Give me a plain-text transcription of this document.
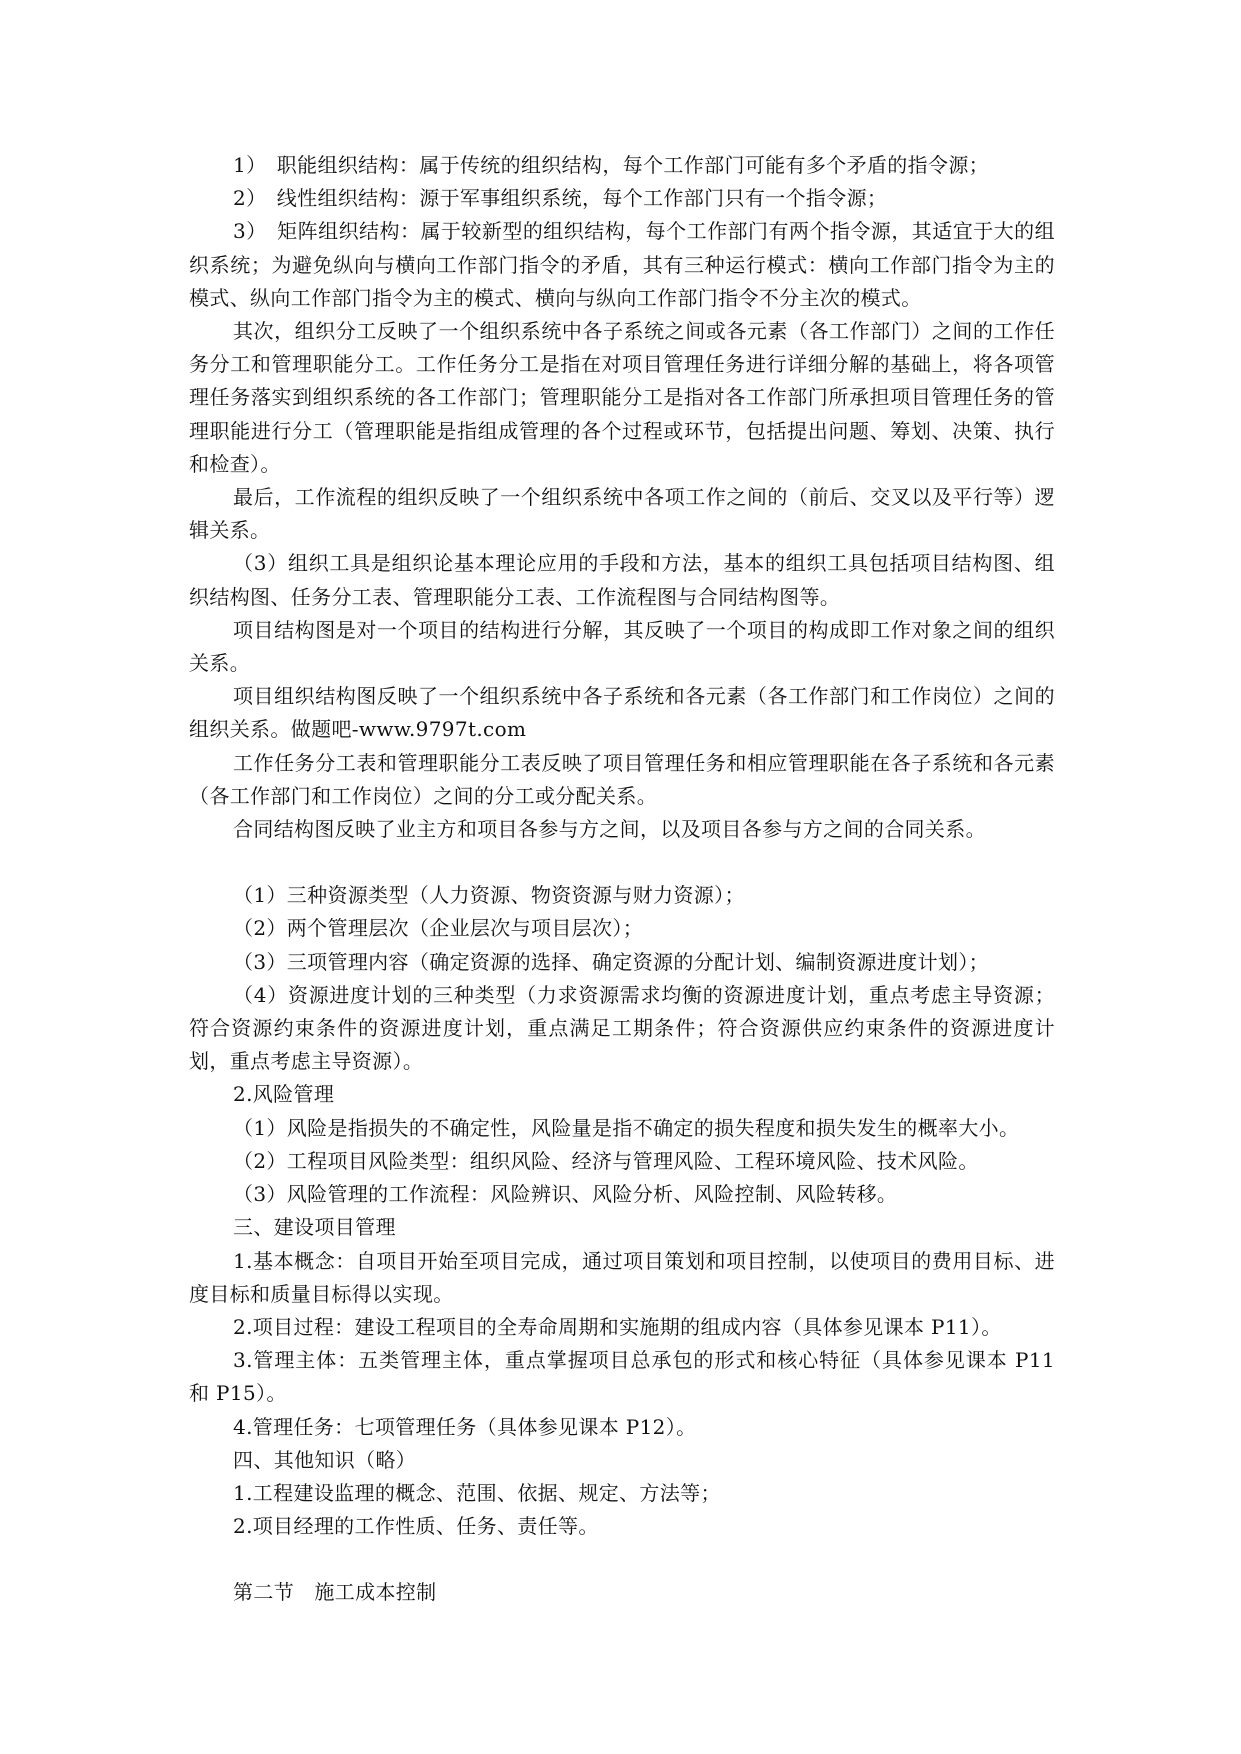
1）　职能组织结构：属于传统的组织结构，每个工作部门可能有多个矛盾的指令源；

2）　线性组织结构：源于军事组织系统，每个工作部门只有一个指令源；

3）　矩阵组织结构：属于较新型的组织结构，每个工作部门有两个指令源，其适宜于大的组织系统；为避免纵向与横向工作部门指令的矛盾，其有三种运行模式：横向工作部门指令为主的模式、纵向工作部门指令为主的模式、横向与纵向工作部门指令不分主次的模式。

其次，组织分工反映了一个组织系统中各子系统之间或各元素（各工作部门）之间的工作任务分工和管理职能分工。工作任务分工是指在对项目管理任务进行详细分解的基础上，将各项管理任务落实到组织系统的各工作部门；管理职能分工是指对各工作部门所承担项目管理任务的管理职能进行分工（管理职能是指组成管理的各个过程或环节，包括提出问题、筹划、决策、执行和检查）。

最后，工作流程的组织反映了一个组织系统中各项工作之间的（前后、交叉以及平行等）逻辑关系。

（3）组织工具是组织论基本理论应用的手段和方法，基本的组织工具包括项目结构图、组织结构图、任务分工表、管理职能分工表、工作流程图与合同结构图等。

项目结构图是对一个项目的结构进行分解，其反映了一个项目的构成即工作对象之间的组织关系。

项目组织结构图反映了一个组织系统中各子系统和各元素（各工作部门和工作岗位）之间的组织关系。做题吧-www.9797t.com

工作任务分工表和管理职能分工表反映了项目管理任务和相应管理职能在各子系统和各元素（各工作部门和工作岗位）之间的分工或分配关系。

合同结构图反映了业主方和项目各参与方之间，以及项目各参与方之间的合同关系。

（1）三种资源类型（人力资源、物资资源与财力资源）；

（2）两个管理层次（企业层次与项目层次）；

（3）三项管理内容（确定资源的选择、确定资源的分配计划、编制资源进度计划）；

（4）资源进度计划的三种类型（力求资源需求均衡的资源进度计划，重点考虑主导资源；符合资源约束条件的资源进度计划，重点满足工期条件；符合资源供应约束条件的资源进度计划，重点考虑主导资源）。

2.风险管理

（1）风险是指损失的不确定性，风险量是指不确定的损失程度和损失发生的概率大小。

（2）工程项目风险类型：组织风险、经济与管理风险、工程环境风险、技术风险。

（3）风险管理的工作流程：风险辨识、风险分析、风险控制、风险转移。

三、建设项目管理

1.基本概念：自项目开始至项目完成，通过项目策划和项目控制，以使项目的费用目标、进度目标和质量目标得以实现。

2.项目过程：建设工程项目的全寿命周期和实施期的组成内容（具体参见课本 P11）。

3.管理主体：五类管理主体，重点掌握项目总承包的形式和核心特征（具体参见课本 P11 和 P15）。

4.管理任务：七项管理任务（具体参见课本 P12）。

四、其他知识（略）

1.工程建设监理的概念、范围、依据、规定、方法等；

2.项目经理的工作性质、任务、责任等。

第二节　施工成本控制
